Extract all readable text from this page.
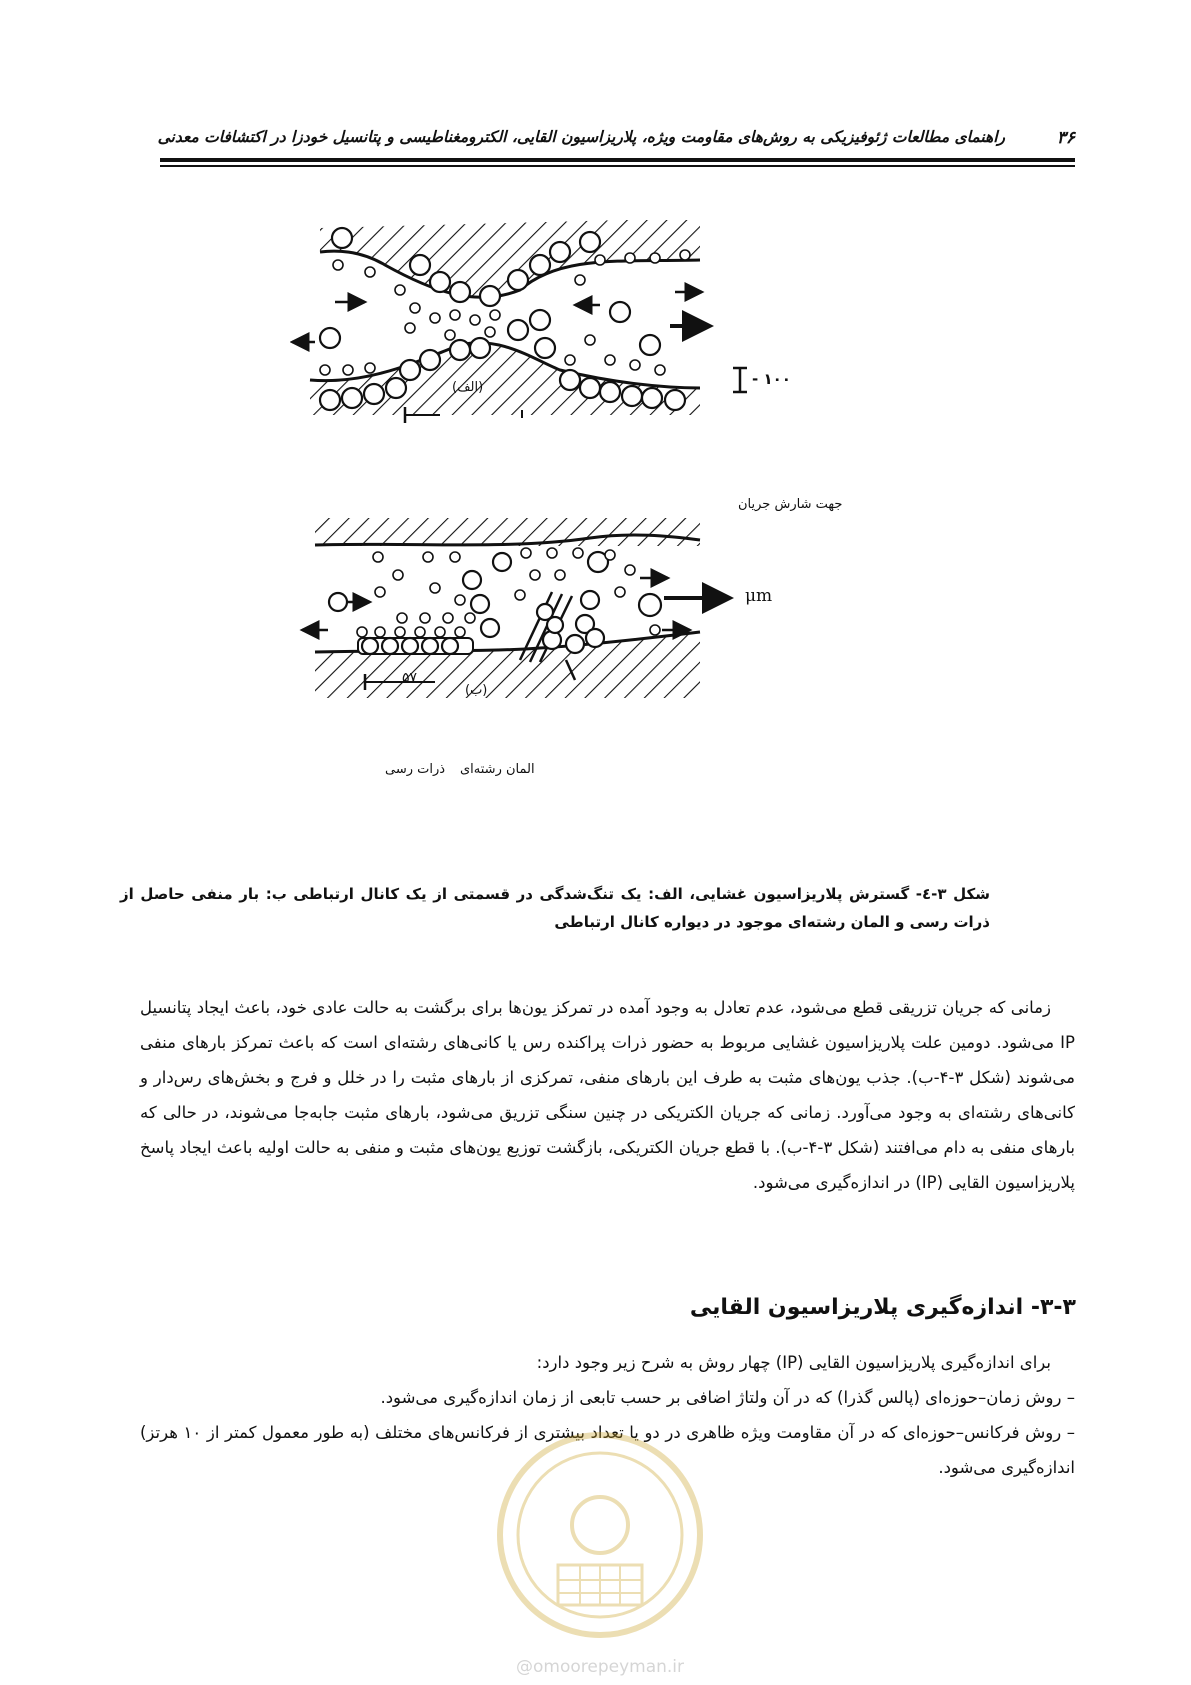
راهنمای مطالعات ژئوفیزیکی به روش‌های مقاومت ویژه، پلاریزاسیون القایی، الکترومغناطیسی و پتانسیل خودزا در اکتشافات معدنی	۳۶
(الف)	۱۰۰ -
جهت شارش جریان
μm
(ب)
۵۷
المان رشته‌ای
ذرات رسی
شکل ۳-٤- گسترش پلاریزاسیون غشایی، الف: یک تنگ‌شدگی در قسمتی از یک کانال ارتباطی ب: بار منفی حاصل از ذرات رسی و المان رشته‌ای موجود در دیواره کانال ارتباطی

زمانی که جریان تزریقی قطع می‌شود، عدم تعادل به وجود آمده در تمرکز یون‌ها برای برگشت به حالت عادی خود، باعث ایجاد پتانسیل IP می‌شود. دومین علت پلاریزاسیون غشایی مربوط به حضور ذرات پراکنده رس یا کانی‌های رشته‌ای است که باعث تمرکز بارهای منفی می‌شوند (شکل ۳-۴-ب). جذب یون‌های مثبت به طرف این بارهای منفی، تمرکزی از بارهای مثبت را در خلل و فرج و بخش‌های رس‌دار و کانی‌های رشته‌ای به وجود می‌آورد. زمانی که جریان الکتریکی در چنین سنگی تزریق می‌شود، بارهای مثبت جابه‌جا می‌شوند، در حالی که بارهای منفی به دام می‌افتند (شکل ۳-۴-ب). با قطع جریان الکتریکی، بازگشت توزیع یون‌های مثبت و منفی به حالت اولیه باعث ایجاد پاسخ پلاریزاسیون القایی (IP) در اندازه‌گیری می‌شود.

۳-۳- اندازه‌گیری پلاریزاسیون القایی

برای اندازه‌گیری پلاریزاسیون القایی (IP) چهار روش به شرح زیر وجود دارد:

– روش زمان–حوزه‌ای (پالس گذرا) که در آن ولتاژ اضافی بر حسب تابعی از زمان اندازه‌گیری می‌شود.

– روش فرکانس–حوزه‌ای که در آن مقاومت ویژه ظاهری در دو یا تعداد بیشتری از فرکانس‌های مختلف (به طور معمول کمتر از ۱۰ هرتز) اندازه‌گیری می‌شود.

@omoorepeyman.ir
